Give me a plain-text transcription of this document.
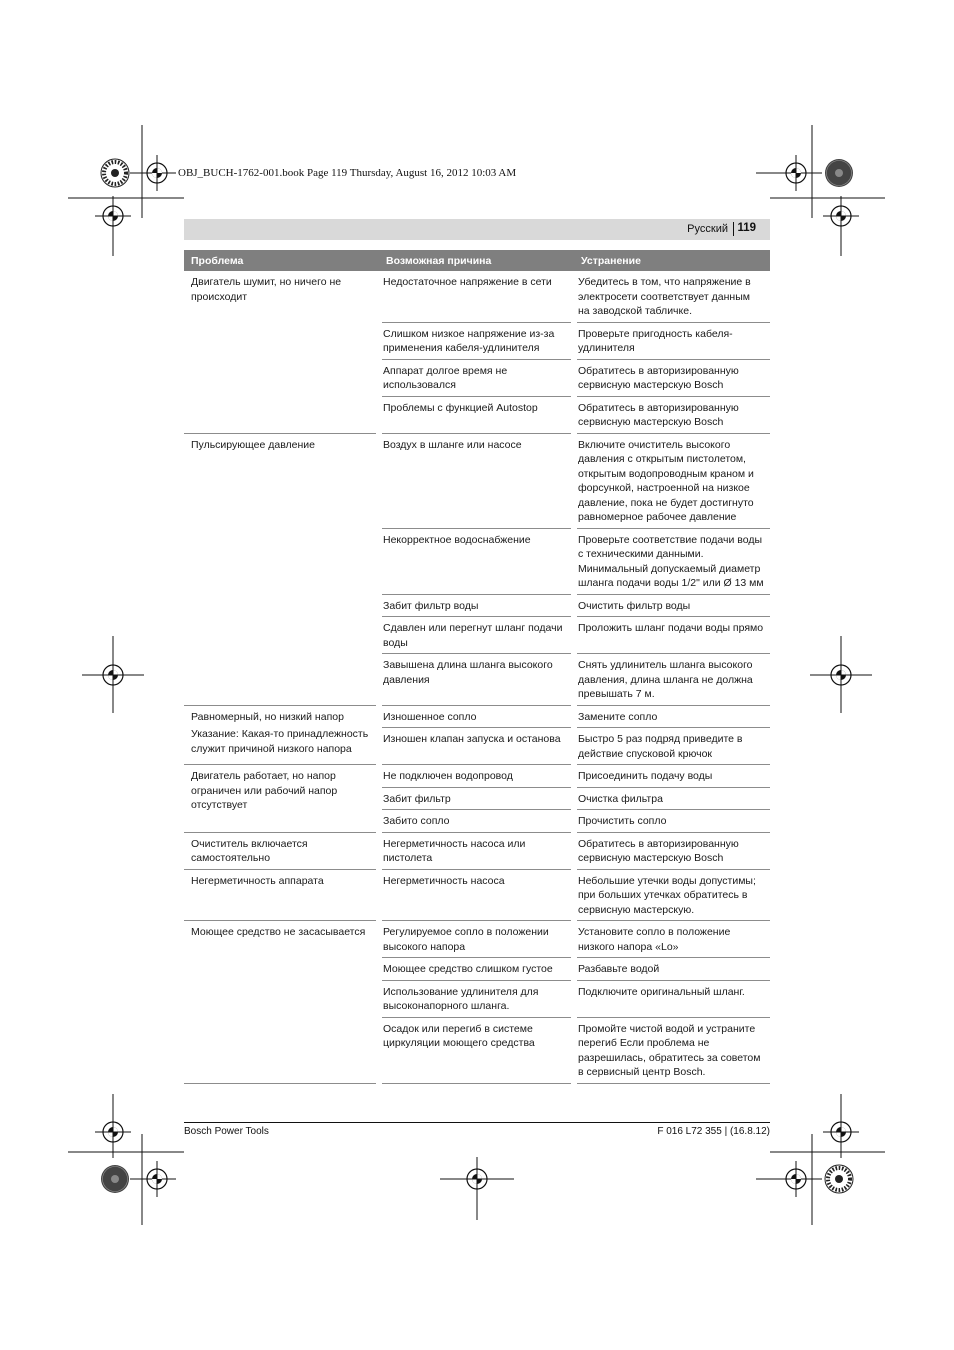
OBJ_BUCH-1762-001.book Page 119 Thursday, August 16, 2012 10:03 AM
Русский 119
Проблема	Возможная причина	Устранение
Двигатель шумит, но ничего не происходит	Недостаточное напряжение в сети	Убедитесь в том, что напряжение в электросети соответствует данным на заводской табличке.
	Слишком низкое напряжение из-за применения кабеля-удлинителя	Проверьте пригодность кабеля-удлинителя
	Аппарат долгое время не использовался	Обратитесь в авторизированную сервисную мастерскую Bosch
	Проблемы с функцией Autostop	Обратитесь в авторизированную сервисную мастерскую Bosch
Пульсирующее давление	Воздух в шланге или насосе	Включите очиститель высокого давления с открытым пистолетом, открытым водопроводным краном и форсункой, настроенной на низкое давление, пока не будет достигнуто равномерное рабочее давление
	Некорректное водоснабжение	Проверьте соответствие подачи воды с техническими данными. Минимальный допускаемый диаметр шланга подачи воды 1/2" или Ø 13 мм
	Забит фильтр воды	Очистить фильтр воды
	Сдавлен или перегнут шланг подачи воды	Проложить шланг подачи воды прямо
	Завышена длина шланга высокого давления	Снять удлинитель шланга высокого давления, длина шланга не должна превышать 7 м.
Равномерный, но низкий напор
Указание: Какая-то принадлежность служит причиной низкого напора	Изношенное сопло	Замените сопло
	Изношен клапан запуска и останова	Быстро 5 раз подряд приведите в действие спусковой крючок
Двигатель работает, но напор ограничен или рабочий напор отсутствует	Не подключен водопровод	Присоединить подачу воды
	Забит фильтр	Очистка фильтра
	Забито сопло	Прочистить сопло
Очиститель включается самостоятельно	Негерметичность насоса или пистолета	Обратитесь в авторизированную сервисную мастерскую Bosch
Негерметичность аппарата	Негерметичность насоса	Небольшие утечки воды допустимы; при больших утечках обратитесь в сервисную мастерскую.
Моющее средство не засасывается	Регулируемое сопло в положении высокого напора	Установите сопло в положение низкого напора «Lo»
	Моющее средство слишком густое	Разбавьте водой
	Использование удлинителя для высоконапорного шланга.	Подключите оригинальный шланг.
	Осадок или перегиб в системе циркуляции моющего средства	Промойте чистой водой и устраните перегиб Если проблема не разрешилась, обратитесь за советом в сервисный центр Bosch.
Bosch Power Tools	F 016 L72 355 | (16.8.12)
